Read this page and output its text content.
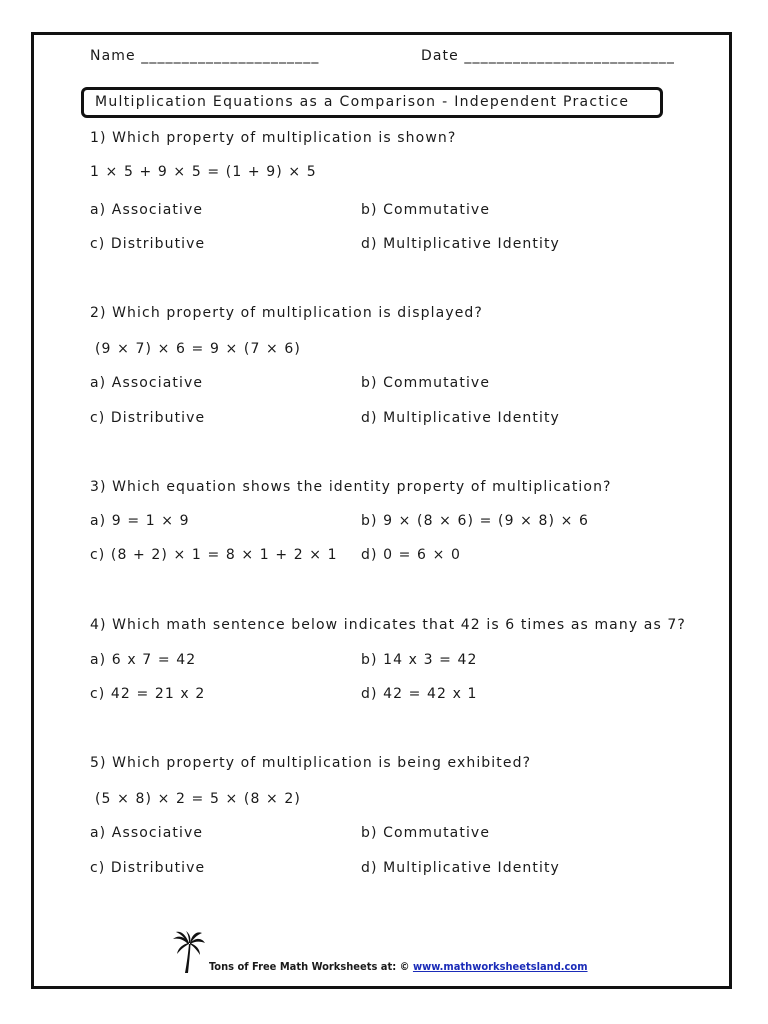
Name ______________________	Date __________________________
Multiplication Equations as a Comparison - Independent Practice
1) Which property of multiplication is shown?
1 × 5 + 9 × 5 = (1 + 9) × 5
a) Associative	b) Commutative
c) Distributive	d) Multiplicative Identity
2) Which property of multiplication is displayed?
(9 × 7) × 6 = 9 × (7 × 6)
a) Associative	b) Commutative
c) Distributive	d) Multiplicative Identity
3) Which equation shows the identity property of multiplication?
a) 9 = 1 × 9	b) 9 × (8 × 6) = (9 × 8) × 6
c) (8 + 2) × 1 = 8 × 1 + 2 × 1 d) 0 = 6 × 0
4) Which math sentence below indicates that 42 is 6 times as many as 7?
a) 6 x 7 = 42	b) 14 x 3 = 42
c) 42 = 21 x 2	d) 42 = 42 x 1
5) Which property of multiplication is being exhibited?
(5 × 8) × 2 = 5 × (8 × 2)
a) Associative	b) Commutative
c) Distributive	d) Multiplicative Identity
Tons of Free Math Worksheets at: © www.mathworksheetsland.com
